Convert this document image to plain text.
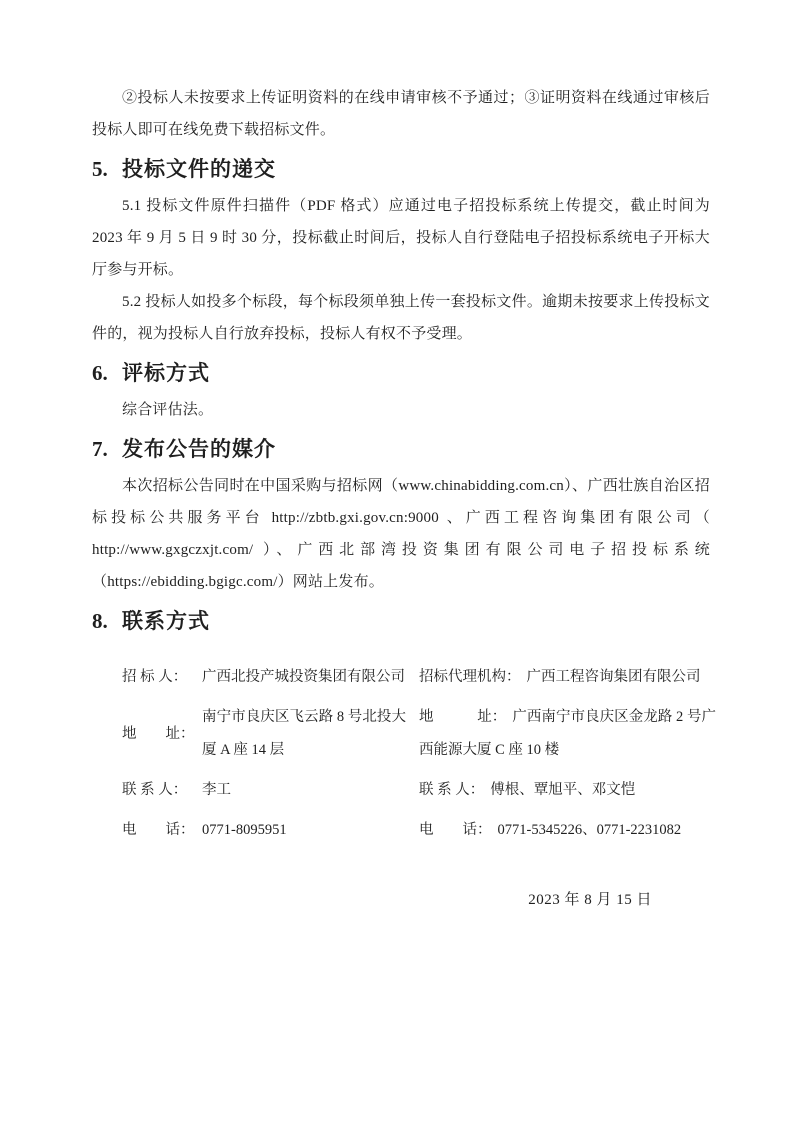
②投标人未按要求上传证明资料的在线申请审核不予通过；③证明资料在线通过审核后投标人即可在线免费下载招标文件。

5. 投标文件的递交

5.1 投标文件原件扫描件（PDF 格式）应通过电子招投标系统上传提交，截止时间为 2023 年 9 月 5 日 9 时 30 分，投标截止时间后，投标人自行登陆电子招投标系统电子开标大厅参与开标。

5.2 投标人如投多个标段，每个标段须单独上传一套投标文件。逾期未按要求上传投标文件的，视为投标人自行放弃投标，投标人有权不予受理。

6. 评标方式

综合评估法。

7. 发布公告的媒介

本次招标公告同时在中国采购与招标网（www.chinabidding.com.cn）、广西壮族自治区招标投标公共服务平台 http://zbtb.gxi.gov.cn:9000 、广西工程咨询集团有限公司（ http://www.gxgczxjt.com/ ）、广西北部湾投资集团有限公司电子招投标系统（https://ebidding.bgigc.com/）网站上发布。

8. 联系方式
招 标 人：	广西北投产城投资集团有限公司
地　　址：
南宁市良庆区飞云路 8 号北投大厦 A 座 14 层
联 系 人：	李工
电　　话： 0771-8095951

招标代理机构： 广西工程咨询集团有限公司

地　　　址： 广西南宁市良庆区金龙路 2 号广西能源大厦 C 座 10 楼

联 系 人： 傅根、覃旭平、邓文恺

电　　话： 0771-5345226、0771-2231082

2023 年 8 月 15 日
